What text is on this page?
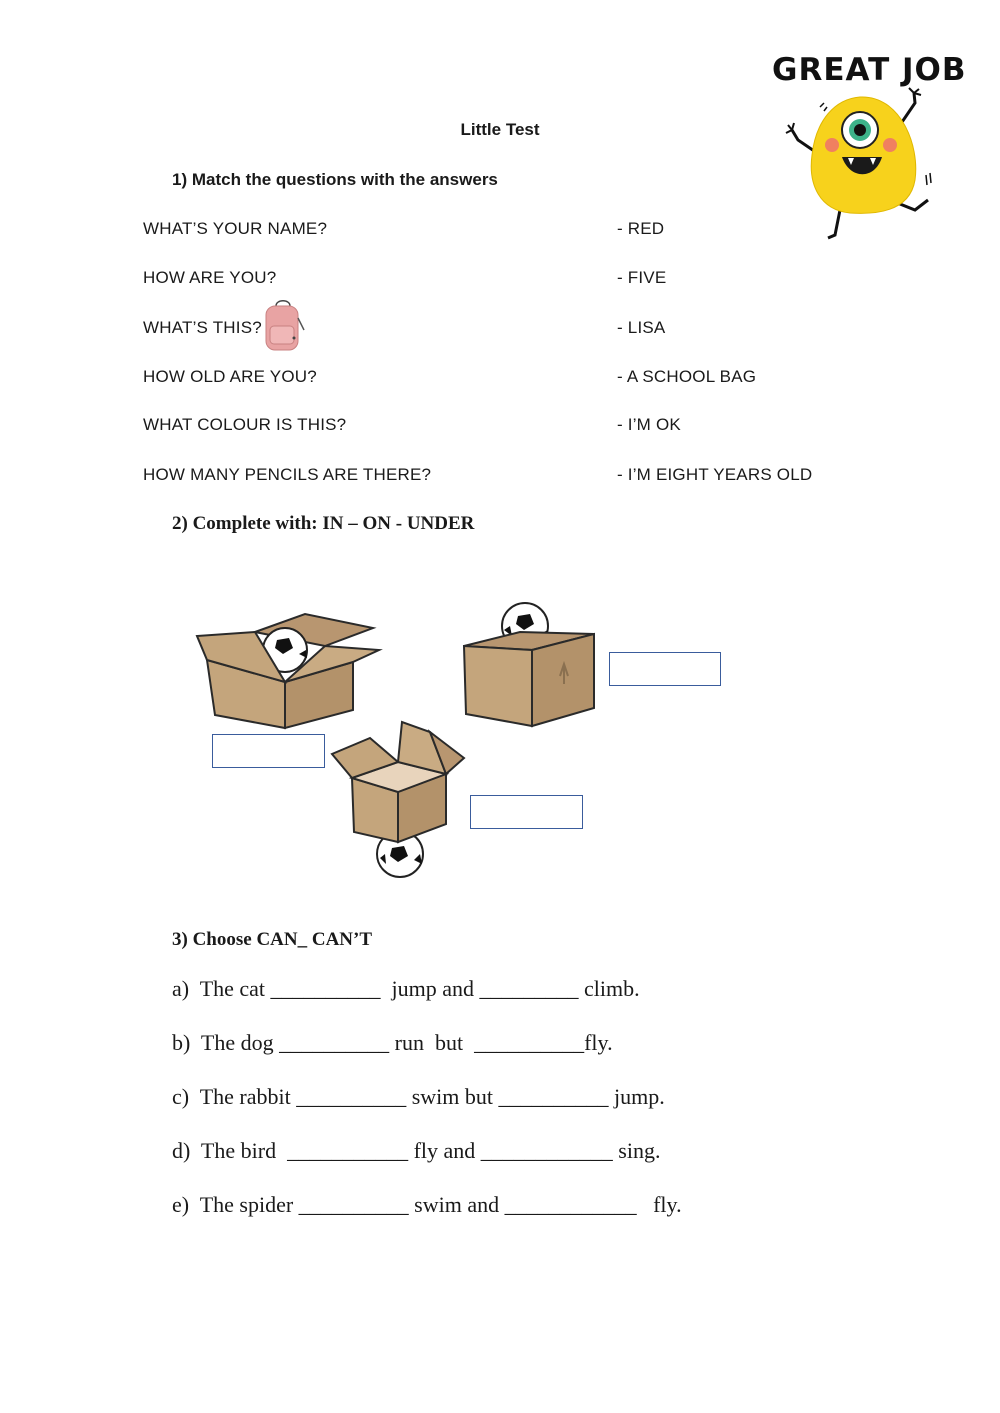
GREAT JOB
Little Test
1) Match the questions with the answers
WHAT’S YOUR NAME?
HOW ARE YOU?
WHAT’S THIS?
HOW OLD ARE YOU?
WHAT COLOUR IS THIS?
HOW MANY PENCILS ARE THERE?
- RED
- FIVE
- LISA
- A SCHOOL BAG
- I’M OK
- I’M EIGHT YEARS OLD
2) Complete with: IN – ON - UNDER
3) Choose CAN_ CAN’T
a)  The cat __________  jump and _________ climb.
b)  The dog __________ run  but  __________fly.
c)  The rabbit __________ swim but __________ jump.
d)  The bird  ___________ fly and ____________ sing.
e)  The spider __________ swim and ____________   fly.
